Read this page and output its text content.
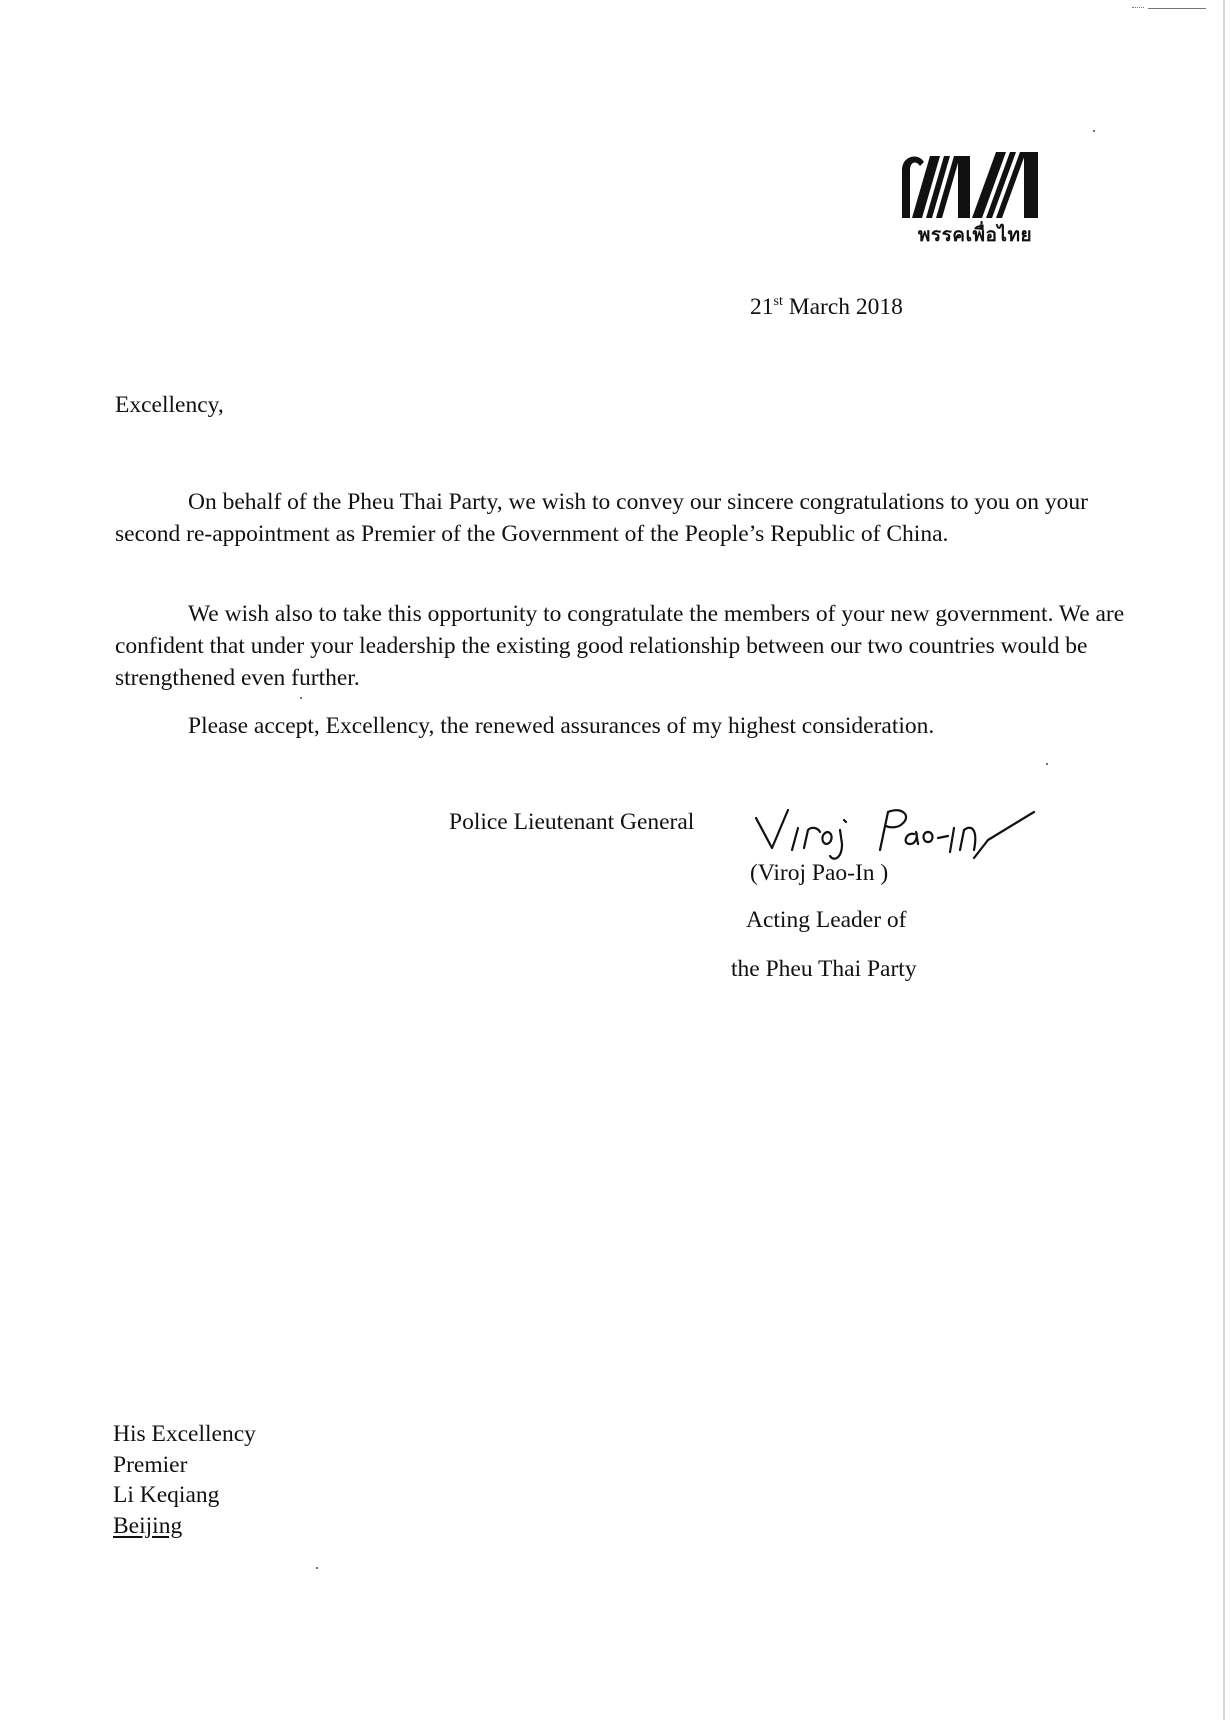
พรรคเพื่อไทย
21st March 2018
Excellency,
On behalf of the Pheu Thai Party, we wish to convey our sincere congratulations to you on your second re-appointment as Premier of the Government of the People’s Republic of China.
We wish also to take this opportunity to congratulate the members of your new government. We are confident that under your leadership the existing good relationship between our two countries would be strengthened even further.
Please accept, Excellency, the renewed assurances of my highest consideration.
Police Lieutenant General
(Viroj Pao-In )
Acting Leader of
the Pheu Thai Party
His Excellency
Premier
Li Keqiang
Beijing
